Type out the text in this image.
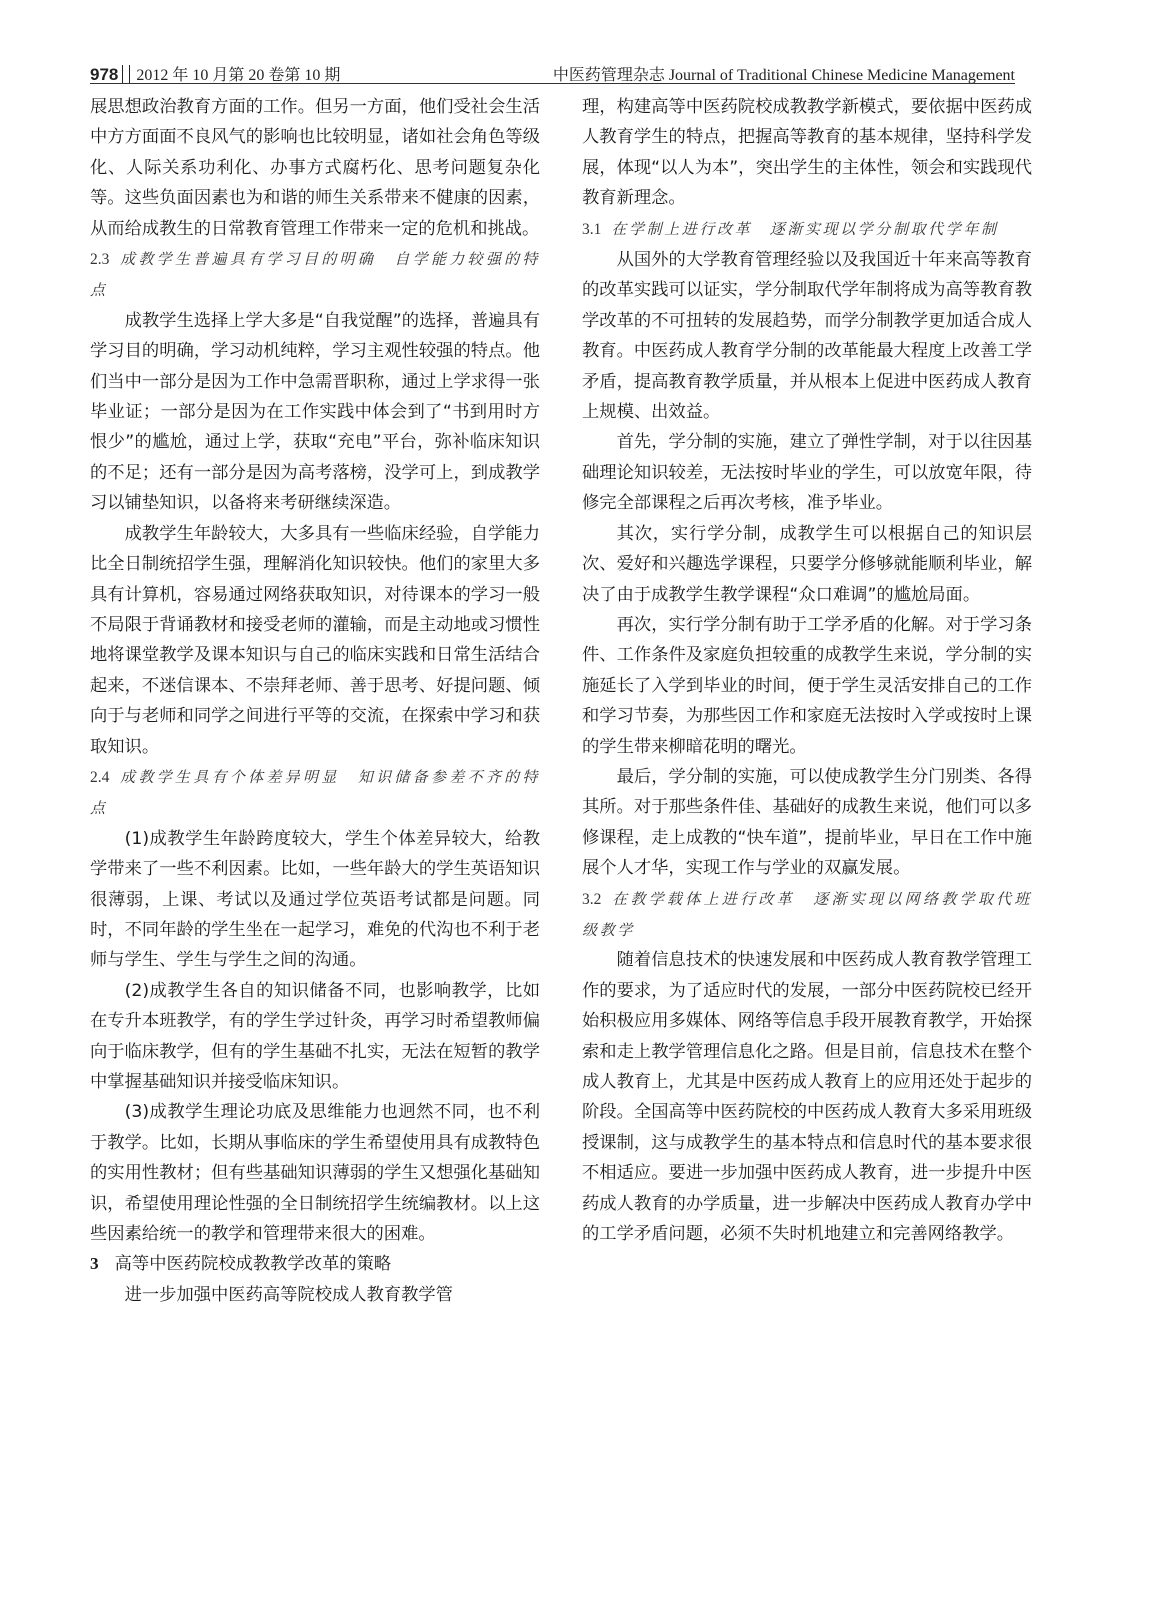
978 2012 年 10 月第 20 卷第 10 期	中医药管理杂志 Journal of Traditional Chinese Medicine Management

展思想政治教育方面的工作。但另一方面，他们受社会生活中方方面面不良风气的影响也比较明显，诸如社会角色等级化、人际关系功利化、办事方式腐朽化、思考问题复杂化等。这些负面因素也为和谐的师生关系带来不健康的因素，从而给成教生的日常教育管理工作带来一定的危机和挑战。

2.3 成教学生普遍具有学习目的明确　自学能力较强的特点

成教学生选择上学大多是“自我觉醒”的选择，普遍具有学习目的明确，学习动机纯粹，学习主观性较强的特点。他们当中一部分是因为工作中急需晋职称，通过上学求得一张毕业证；一部分是因为在工作实践中体会到了“书到用时方恨少”的尴尬，通过上学，获取“充电”平台，弥补临床知识的不足；还有一部分是因为高考落榜，没学可上，到成教学习以铺垫知识，以备将来考研继续深造。

成教学生年龄较大，大多具有一些临床经验，自学能力比全日制统招学生强，理解消化知识较快。他们的家里大多具有计算机，容易通过网络获取知识，对待课本的学习一般不局限于背诵教材和接受老师的灌输，而是主动地或习惯性地将课堂教学及课本知识与自己的临床实践和日常生活结合起来，不迷信课本、不崇拜老师、善于思考、好提问题、倾向于与老师和同学之间进行平等的交流，在探索中学习和获取知识。

2.4 成教学生具有个体差异明显　知识储备参差不齐的特点

(1)成教学生年龄跨度较大，学生个体差异较大，给教学带来了一些不利因素。比如，一些年龄大的学生英语知识很薄弱，上课、考试以及通过学位英语考试都是问题。同时，不同年龄的学生坐在一起学习，难免的代沟也不利于老师与学生、学生与学生之间的沟通。

(2)成教学生各自的知识储备不同，也影响教学，比如在专升本班教学，有的学生学过针灸，再学习时希望教师偏向于临床教学，但有的学生基础不扎实，无法在短暂的教学中掌握基础知识并接受临床知识。

(3)成教学生理论功底及思维能力也迥然不同，也不利于教学。比如，长期从事临床的学生希望使用具有成教特色的实用性教材；但有些基础知识薄弱的学生又想强化基础知识，希望使用理论性强的全日制统招学生统编教材。以上这些因素给统一的教学和管理带来很大的困难。

3 高等中医药院校成教教学改革的策略

进一步加强中医药高等院校成人教育教学管

理，构建高等中医药院校成教教学新模式，要依据中医药成人教育学生的特点，把握高等教育的基本规律，坚持科学发展，体现“以人为本”，突出学生的主体性，领会和实践现代教育新理念。

3.1 在学制上进行改革　逐渐实现以学分制取代学年制

从国外的大学教育管理经验以及我国近十年来高等教育的改革实践可以证实，学分制取代学年制将成为高等教育教学改革的不可扭转的发展趋势，而学分制教学更加适合成人教育。中医药成人教育学分制的改革能最大程度上改善工学矛盾，提高教育教学质量，并从根本上促进中医药成人教育上规模、出效益。

首先，学分制的实施，建立了弹性学制，对于以往因基础理论知识较差，无法按时毕业的学生，可以放宽年限，待修完全部课程之后再次考核，准予毕业。

其次，实行学分制，成教学生可以根据自己的知识层次、爱好和兴趣选学课程，只要学分修够就能顺利毕业，解决了由于成教学生教学课程“众口难调”的尴尬局面。

再次，实行学分制有助于工学矛盾的化解。对于学习条件、工作条件及家庭负担较重的成教学生来说，学分制的实施延长了入学到毕业的时间，便于学生灵活安排自己的工作和学习节奏，为那些因工作和家庭无法按时入学或按时上课的学生带来柳暗花明的曙光。

最后，学分制的实施，可以使成教学生分门别类、各得其所。对于那些条件佳、基础好的成教生来说，他们可以多修课程，走上成教的“快车道”，提前毕业，早日在工作中施展个人才华，实现工作与学业的双赢发展。

3.2 在教学载体上进行改革　逐渐实现以网络教学取代班级教学

随着信息技术的快速发展和中医药成人教育教学管理工作的要求，为了适应时代的发展，一部分中医药院校已经开始积极应用多媒体、网络等信息手段开展教育教学，开始探索和走上教学管理信息化之路。但是目前，信息技术在整个成人教育上，尤其是中医药成人教育上的应用还处于起步的阶段。全国高等中医药院校的中医药成人教育大多采用班级授课制，这与成教学生的基本特点和信息时代的基本要求很不相适应。要进一步加强中医药成人教育，进一步提升中医药成人教育的办学质量，进一步解决中医药成人教育办学中的工学矛盾问题，必须不失时机地建立和完善网络教学。
